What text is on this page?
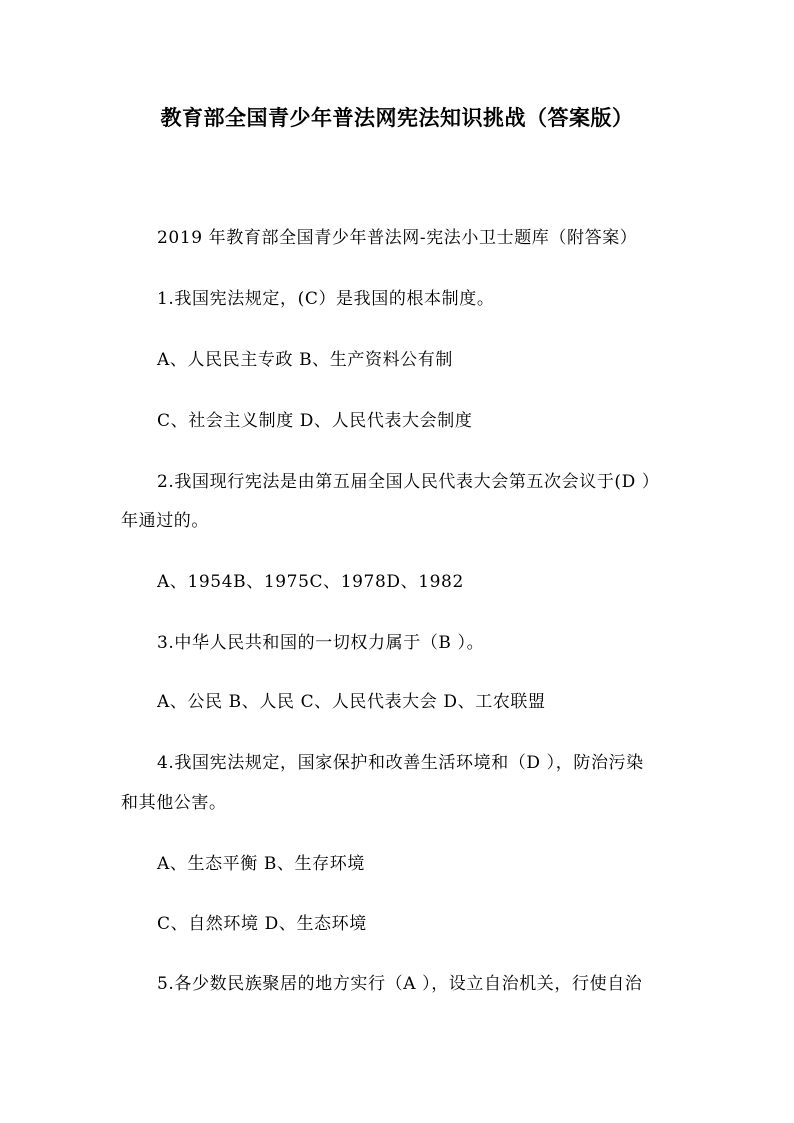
教育部全国青少年普法网宪法知识挑战（答案版）
2019 年教育部全国青少年普法网-宪法小卫士题库（附答案）
1.我国宪法规定，(C）是我国的根本制度。
A、人民民主专政 B、生产资料公有制
C、社会主义制度 D、人民代表大会制度
2.我国现行宪法是由第五届全国人民代表大会第五次会议于(D ）
年通过的。
A、1954B、1975C、1978D、1982
3.中华人民共和国的一切权力属于（B ）。
A、公民 B、人民 C、人民代表大会 D、工农联盟
4.我国宪法规定，国家保护和改善生活环境和（D ），防治污染
和其他公害。
A、生态平衡 B、生存环境
C、自然环境 D、生态环境
5.各少数民族聚居的地方实行（A ），设立自治机关，行使自治
